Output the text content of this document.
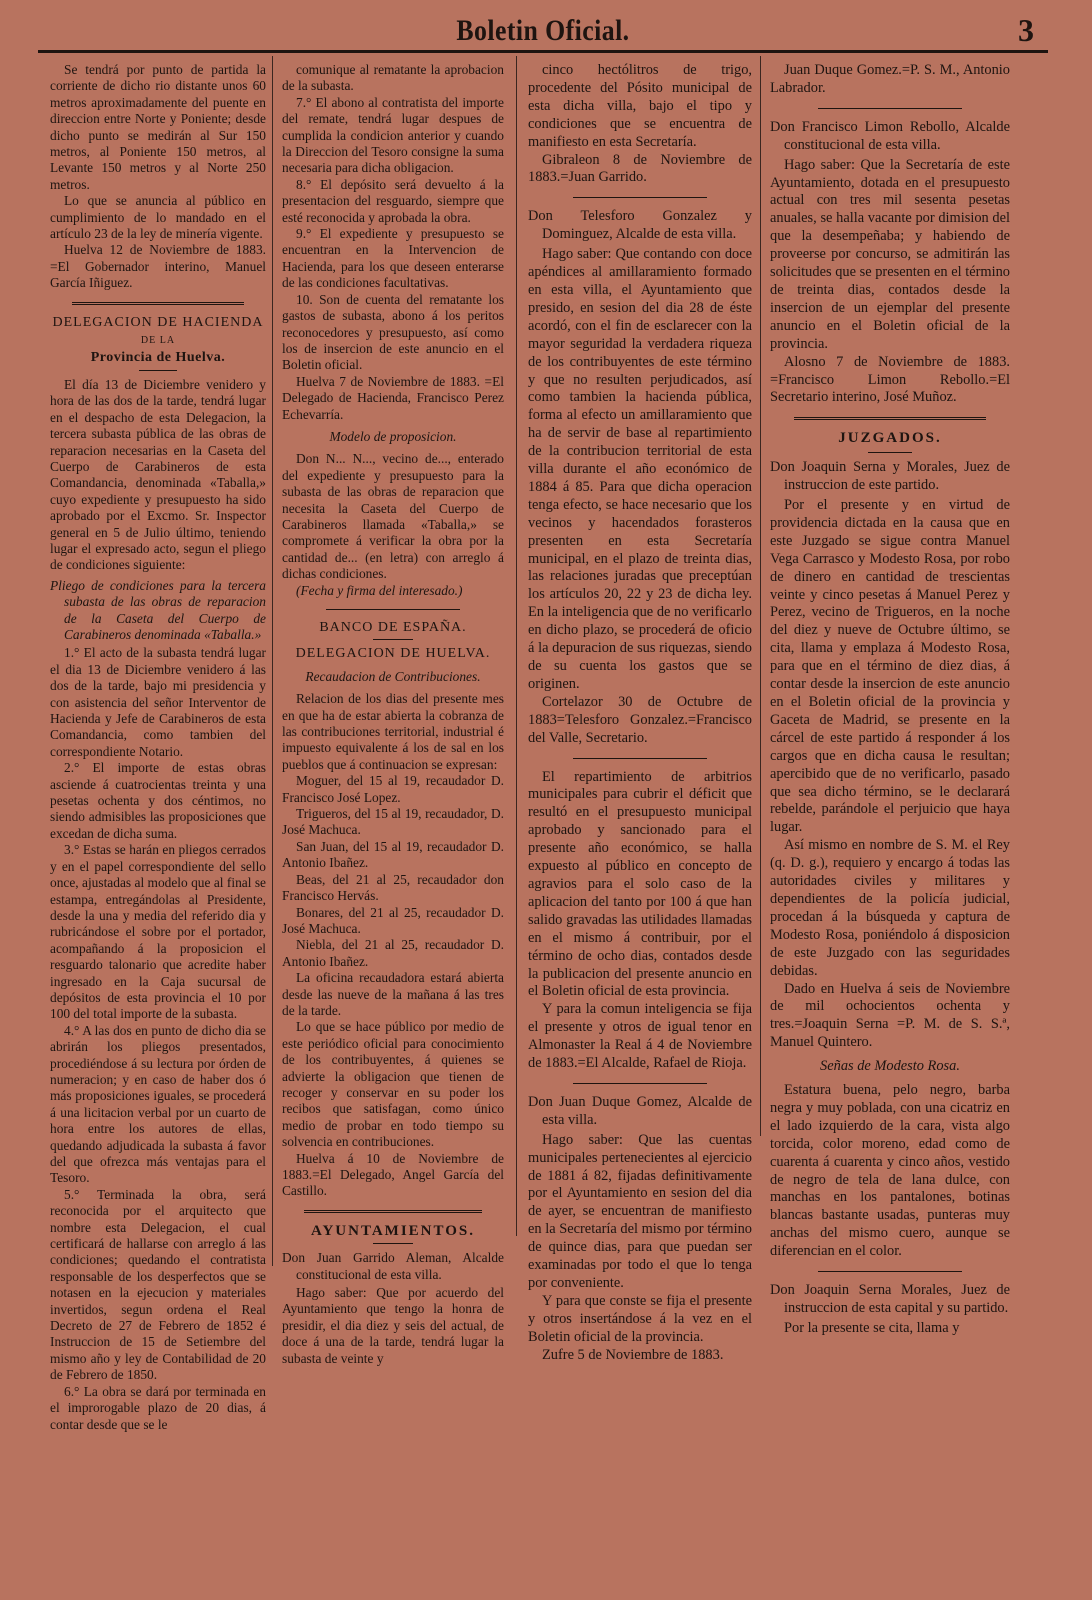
Boletin Oficial.	3

Se tendrá por punto de partida la corriente de dicho rio distante unos 60 metros aproximadamente del puente en direccion entre Norte y Poniente; desde dicho punto se medirán al Sur 150 metros, al Poniente 150 metros, al Levante 150 metros y al Norte 250 metros.

Lo que se anuncia al público en cumplimiento de lo mandado en el artículo 23 de la ley de minería vigente.

Huelva 12 de Noviembre de 1883. =El Gobernador interino, Manuel García Iñiguez.

DELEGACION DE HACIENDA
DE LA
Provincia de Huelva.

El día 13 de Diciembre venidero y hora de las dos de la tarde, tendrá lugar en el despacho de esta Delegacion, la tercera subasta pública de las obras de reparacion necesarias en la Caseta del Cuerpo de Carabineros de esta Comandancia, denominada «Taballa,» cuyo expediente y presupuesto ha sido aprobado por el Excmo. Sr. Inspector general en 5 de Julio último, teniendo lugar el expresado acto, segun el pliego de condiciones siguiente:

Pliego de condiciones para la tercera subasta de las obras de reparacion de la Caseta del Cuerpo de Carabineros denominada «Taballa.»

1.° El acto de la subasta tendrá lugar el dia 13 de Diciembre venidero á las dos de la tarde, bajo mi presidencia y con asistencia del señor Interventor de Hacienda y Jefe de Carabineros de esta Comandancia, como tambien del correspondiente Notario.

2.° El importe de estas obras asciende á cuatrocientas treinta y una pesetas ochenta y dos céntimos, no siendo admisibles las proposiciones que excedan de dicha suma.

3.° Estas se harán en pliegos cerrados y en el papel correspondiente del sello once, ajustadas al modelo que al final se estampa, entregándolas al Presidente, desde la una y media del referido dia y rubricándose el sobre por el portador, acompañando á la proposicion el resguardo talonario que acredite haber ingresado en la Caja sucursal de depósitos de esta provincia el 10 por 100 del total importe de la subasta.

4.° A las dos en punto de dicho dia se abrirán los pliegos presentados, procediéndose á su lectura por órden de numeracion; y en caso de haber dos ó más proposiciones iguales, se procederá á una licitacion verbal por un cuarto de hora entre los autores de ellas, quedando adjudicada la subasta á favor del que ofrezca más ventajas para el Tesoro.

5.° Terminada la obra, será reconocida por el arquitecto que nombre esta Delegacion, el cual certificará de hallarse con arreglo á las condiciones; quedando el contratista responsable de los desperfectos que se notasen en la ejecucion y materiales invertidos, segun ordena el Real Decreto de 27 de Febrero de 1852 é Instruccion de 15 de Setiembre del mismo año y ley de Contabilidad de 20 de Febrero de 1850.

6.° La obra se dará por terminada en el improrogable plazo de 20 dias, á contar desde que se le

comunique al rematante la aprobacion de la subasta.

7.° El abono al contratista del importe del remate, tendrá lugar despues de cumplida la condicion anterior y cuando la Direccion del Tesoro consigne la suma necesaria para dicha obligacion.

8.° El depósito será devuelto á la presentacion del resguardo, siempre que esté reconocida y aprobada la obra.

9.° El expediente y presupuesto se encuentran en la Intervencion de Hacienda, para los que deseen enterarse de las condiciones facultativas.

10. Son de cuenta del rematante los gastos de subasta, abono á los peritos reconocedores y presupuesto, así como los de insercion de este anuncio en el Boletin oficial.

Huelva 7 de Noviembre de 1883. =El Delegado de Hacienda, Francisco Perez Echevarría.

Modelo de proposicion.

Don N... N..., vecino de..., enterado del expediente y presupuesto para la subasta de las obras de reparacion que necesita la Caseta del Cuerpo de Carabineros llamada «Taballa,» se compromete á verificar la obra por la cantidad de... (en letra) con arreglo á dichas condiciones.

(Fecha y firma del interesado.)

BANCO DE ESPAÑA.
DELEGACION DE HUELVA.

Recaudacion de Contribuciones.

Relacion de los dias del presente mes en que ha de estar abierta la cobranza de las contribuciones territorial, industrial é impuesto equivalente á los de sal en los pueblos que á continuacion se expresan:

Moguer, del 15 al 19, recaudador D. Francisco José Lopez.

Trigueros, del 15 al 19, recaudador, D. José Machuca.

San Juan, del 15 al 19, recaudador D. Antonio Ibañez.

Beas, del 21 al 25, recaudador don Francisco Hervás.

Bonares, del 21 al 25, recaudador D. José Machuca.

Niebla, del 21 al 25, recaudador D. Antonio Ibañez.

La oficina recaudadora estará abierta desde las nueve de la mañana á las tres de la tarde.

Lo que se hace público por medio de este periódico oficial para conocimiento de los contribuyentes, á quienes se advierte la obligacion que tienen de recoger y conservar en su poder los recibos que satisfagan, como único medio de probar en todo tiempo su solvencia en contribuciones.

Huelva á 10 de Noviembre de 1883.=El Delegado, Angel García del Castillo.

AYUNTAMIENTOS.

Don Juan Garrido Aleman, Alcalde constitucional de esta villa.

Hago saber: Que por acuerdo del Ayuntamiento que tengo la honra de presidir, el dia diez y seis del actual, de doce á una de la tarde, tendrá lugar la subasta de veinte y

cinco hectólitros de trigo, procedente del Pósito municipal de esta dicha villa, bajo el tipo y condiciones que se encuentra de manifiesto en esta Secretaría.

Gibraleon 8 de Noviembre de 1883.=Juan Garrido.

Don Telesforo Gonzalez y Dominguez, Alcalde de esta villa.

Hago saber: Que contando con doce apéndices al amillaramiento formado en esta villa, el Ayuntamiento que presido, en sesion del dia 28 de éste acordó, con el fin de esclarecer con la mayor seguridad la verdadera riqueza de los contribuyentes de este término y que no resulten perjudicados, así como tambien la hacienda pública, forma al efecto un amillaramiento que ha de servir de base al repartimiento de la contribucion territorial de esta villa durante el año económico de 1884 á 85. Para que dicha operacion tenga efecto, se hace necesario que los vecinos y hacendados forasteros presenten en esta Secretaría municipal, en el plazo de treinta dias, las relaciones juradas que preceptúan los artículos 20, 22 y 23 de dicha ley. En la inteligencia que de no verificarlo en dicho plazo, se procederá de oficio á la depuracion de sus riquezas, siendo de su cuenta los gastos que se originen.

Cortelazor 30 de Octubre de 1883=Telesforo Gonzalez.=Francisco del Valle, Secretario.

El repartimiento de arbitrios municipales para cubrir el déficit que resultó en el presupuesto municipal aprobado y sancionado para el presente año económico, se halla expuesto al público en concepto de agravios para el solo caso de la aplicacion del tanto por 100 á que han salido gravadas las utilidades llamadas en el mismo á contribuir, por el término de ocho dias, contados desde la publicacion del presente anuncio en el Boletin oficial de esta provincia.

Y para la comun inteligencia se fija el presente y otros de igual tenor en Almonaster la Real á 4 de Noviembre de 1883.=El Alcalde, Rafael de Rioja.

Don Juan Duque Gomez, Alcalde de esta villa.

Hago saber: Que las cuentas municipales pertenecientes al ejercicio de 1881 á 82, fijadas definitivamente por el Ayuntamiento en sesion del dia de ayer, se encuentran de manifiesto en la Secretaría del mismo por término de quince dias, para que puedan ser examinadas por todo el que lo tenga por conveniente.

Y para que conste se fija el presente y otros insertándose á la vez en el Boletin oficial de la provincia.

Zufre 5 de Noviembre de 1883.

Juan Duque Gomez.=P. S. M., Antonio Labrador.

Don Francisco Limon Rebollo, Alcalde constitucional de esta villa.

Hago saber: Que la Secretaría de este Ayuntamiento, dotada en el presupuesto actual con tres mil sesenta pesetas anuales, se halla vacante por dimision del que la desempeñaba; y habiendo de proveerse por concurso, se admitirán las solicitudes que se presenten en el término de treinta dias, contados desde la insercion de un ejemplar del presente anuncio en el Boletin oficial de la provincia.

Alosno 7 de Noviembre de 1883. =Francisco Limon Rebollo.=El Secretario interino, José Muñoz.

JUZGADOS.

Don Joaquin Serna y Morales, Juez de instruccion de este partido.

Por el presente y en virtud de providencia dictada en la causa que en este Juzgado se sigue contra Manuel Vega Carrasco y Modesto Rosa, por robo de dinero en cantidad de trescientas veinte y cinco pesetas á Manuel Perez y Perez, vecino de Trigueros, en la noche del diez y nueve de Octubre último, se cita, llama y emplaza á Modesto Rosa, para que en el término de diez dias, á contar desde la insercion de este anuncio en el Boletin oficial de la provincia y Gaceta de Madrid, se presente en la cárcel de este partido á responder á los cargos que en dicha causa le resultan; apercibido que de no verificarlo, pasado que sea dicho término, se le declarará rebelde, parándole el perjuicio que haya lugar.

Así mismo en nombre de S. M. el Rey (q. D. g.), requiero y encargo á todas las autoridades civiles y militares y dependientes de la policía judicial, procedan á la búsqueda y captura de Modesto Rosa, poniéndolo á disposicion de este Juzgado con las seguridades debidas.

Dado en Huelva á seis de Noviembre de mil ochocientos ochenta y tres.=Joaquin Serna =P. M. de S. S.ª, Manuel Quintero.

Señas de Modesto Rosa.

Estatura buena, pelo negro, barba negra y muy poblada, con una cicatriz en el lado izquierdo de la cara, vista algo torcida, color moreno, edad como de cuarenta á cuarenta y cinco años, vestido de negro de tela de lana dulce, con manchas en los pantalones, botinas blancas bastante usadas, punteras muy anchas del mismo cuero, aunque se diferencian en el color.

Don Joaquin Serna Morales, Juez de instruccion de esta capital y su partido.

Por la presente se cita, llama y
